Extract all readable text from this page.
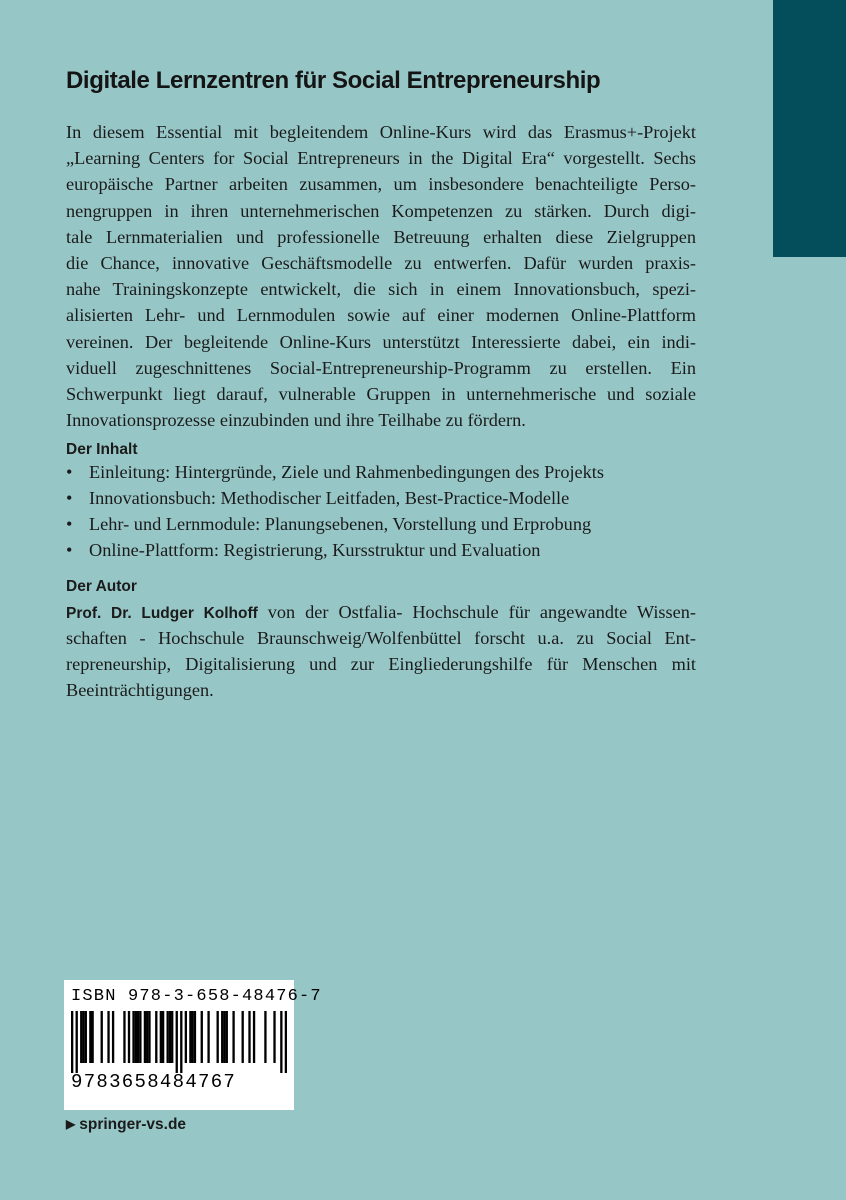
Digitale Lernzentren für Social Entrepreneurship
In diesem Essential mit begleitendem Online-Kurs wird das Erasmus+-Projekt
„Learning Centers for Social Entrepreneurs in the Digital Era“ vorgestellt. Sechs
europäische Partner arbeiten zusammen, um insbesondere benachteiligte Perso-
nengruppen in ihren unternehmerischen Kompetenzen zu stärken. Durch digi-
tale Lernmaterialien und professionelle Betreuung erhalten diese Zielgruppen
die Chance, innovative Geschäftsmodelle zu entwerfen. Dafür wurden praxis-
nahe Trainingskonzepte entwickelt, die sich in einem Innovationsbuch, spezi-
alisierten Lehr- und Lernmodulen sowie auf einer modernen Online-Plattform
vereinen. Der begleitende Online-Kurs unterstützt Interessierte dabei, ein indi-
viduell zugeschnittenes Social-Entrepreneurship-Programm zu erstellen. Ein
Schwerpunkt liegt darauf, vulnerable Gruppen in unternehmerische und soziale
Innovationsprozesse einzubinden und ihre Teilhabe zu fördern.
Der Inhalt
• Einleitung: Hintergründe, Ziele und Rahmenbedingungen des Projekts
• Innovationsbuch: Methodischer Leitfaden, Best-Practice-Modelle
• Lehr- und Lernmodule: Planungsebenen, Vorstellung und Erprobung
• Online-Plattform: Registrierung, Kursstruktur und Evaluation
Der Autor
Prof. Dr. Ludger Kolhoff von der Ostfalia- Hochschule für angewandte Wissen-
schaften - Hochschule Braunschweig/Wolfenbüttel forscht u.a. zu Social Ent-
repreneurship, Digitalisierung und zur Eingliederungshilfe für Menschen mit
Beeinträchtigungen.

ISBN 978-3-658-48476-7

9783658484767

▶ springer-vs.de
